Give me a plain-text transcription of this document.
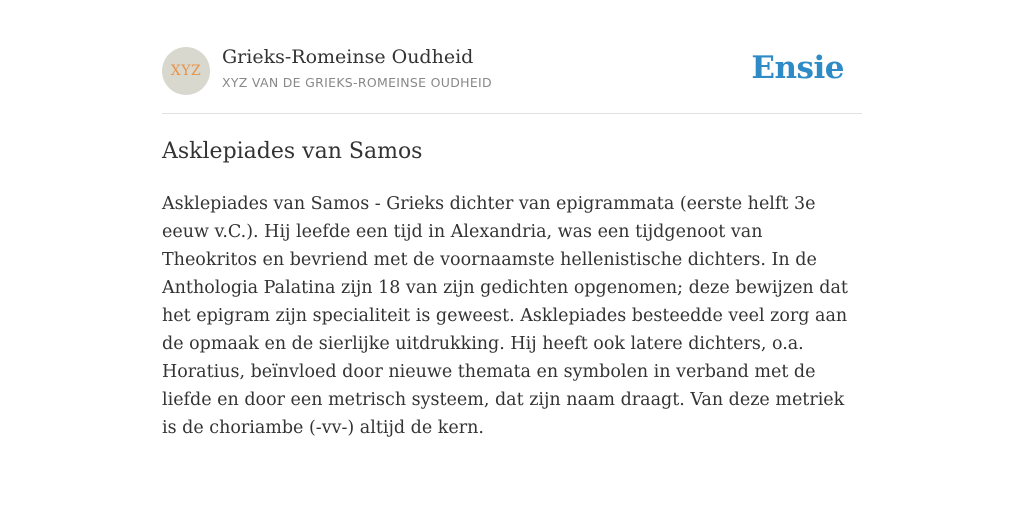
XYZ
Grieks-Romeinse Oudheid
XYZ VAN DE GRIEKS-ROMEINSE OUDHEID	Ensie
Asklepiades van Samos

Asklepiades van Samos - Grieks dichter van epigrammata (eerste helft 3e eeuw v.C.). Hij leefde een tijd in Alexandria, was een tijdgenoot van Theokritos en bevriend met de voornaamste hellenistische dichters. In de Anthologia Palatina zijn 18 van zijn gedichten opgenomen; deze bewijzen dat het epigram zijn specialiteit is geweest. Asklepiades besteedde veel zorg aan de opmaak en de sierlijke uitdrukking. Hij heeft ook latere dichters, o.a. Horatius, beïnvloed door nieuwe themata en symbolen in verband met de liefde en door een metrisch systeem, dat zijn naam draagt. Van deze metriek is de choriambe (-vv-) altijd de kern.
